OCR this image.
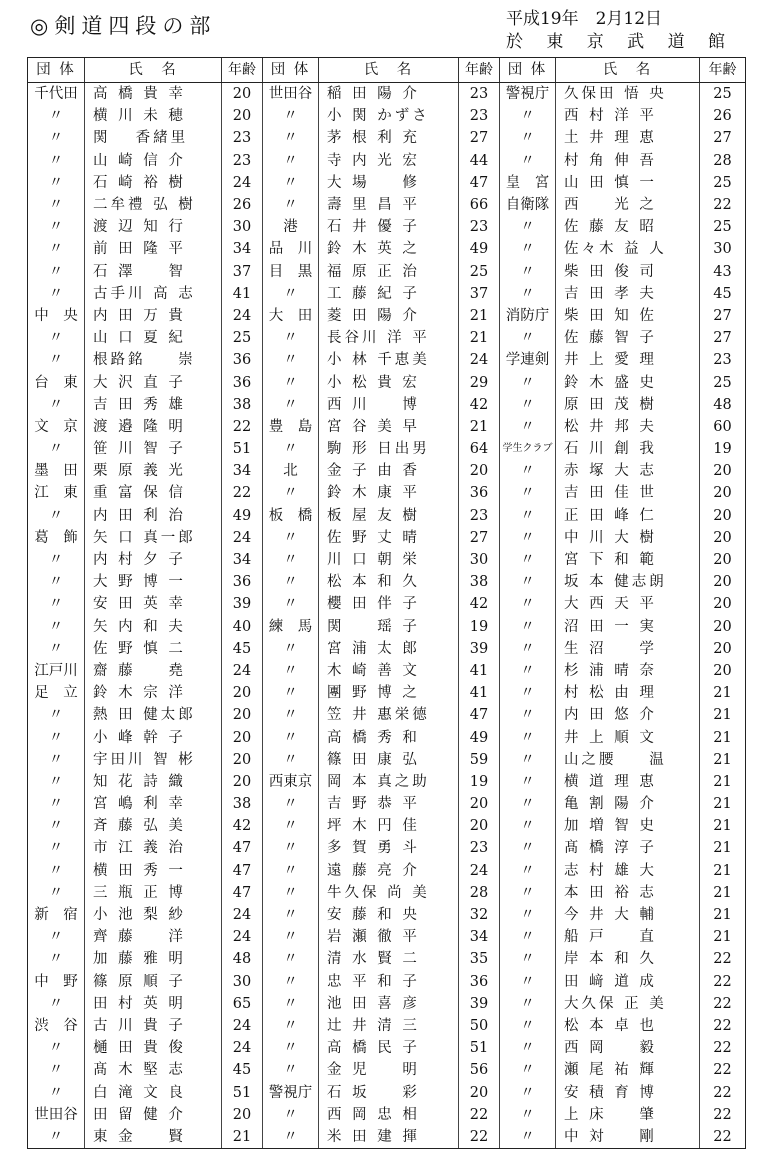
◎剣道四段の部	平成19年　2月12日
於 東 京 武 道 館
団 体	氏　名	年齢	団 体	氏　名	年齢	団 体	氏　名	年齢
千代田	高 橋 貴 幸	20	世田谷	稲 田 陽 介	23	警視庁	久保田 悟 央	25
〃	横 川 未 穂	20	〃	小 関 かずさ	23	〃	西 村 洋 平	26
〃	関 　香緒里	23	〃	茅 根 利 充	27	〃	土 井 理 恵	27
〃	山 崎 信 介	23	〃	寺 内 光 宏	44	〃	村 角 伸 吾	28
〃	石 崎 裕 樹	24	〃	大 場 　 修	47	皇　宮	山 田 慎 一	25
〃	二牟禮 弘 樹	26	〃	壽 里 昌 平	66	自衛隊	西 　 光 之	22
〃	渡 辺 知 行	30	港	石 井 優 子	23	〃	佐 藤 友 昭	25
〃	前 田 隆 平	34	品　川	鈴 木 英 之	49	〃	佐々木 益 人	30
〃	石 澤 　 智	37	目　黒	福 原 正 治	25	〃	柴 田 俊 司	43
〃	古手川 高 志	41	〃	工 藤 紀 子	37	〃	吉 田 孝 夫	45
中　央	内 田 万 貴	24	大　田	菱 田 陽 介	21	消防庁	柴 田 知 佐	27
〃	山 口 夏 紀	25	〃	長谷川 洋 平	21	〃	佐 藤 智 子	27
〃	根路銘 　 崇	36	〃	小 林 千恵美	24	学連剣	井 上 愛 理	23
台　東	大 沢 直 子	36	〃	小 松 貴 宏	29	〃	鈴 木 盛 史	25
〃	吉 田 秀 雄	38	〃	西 川 　 博	42	〃	原 田 茂 樹	48
文　京	渡 邉 隆 明	22	豊　島	宮 谷 美 早	21	〃	松 井 邦 夫	60
〃	笹 川 智 子	51	〃	駒 形 日出男	64	学生クラブ	石 川 創 我	19
墨　田	栗 原 義 光	34	北	金 子 由 香	20	〃	赤 塚 大 志	20
江　東	重 富 保 信	22	〃	鈴 木 康 平	36	〃	吉 田 佳 世	20
〃	内 田 利 治	49	板　橋	板 屋 友 樹	23	〃	正 田 峰 仁	20
葛　飾	矢 口 真一郎	24	〃	佐 野 丈 晴	27	〃	中 川 大 樹	20
〃	内 村 夕 子	34	〃	川 口 朝 栄	30	〃	宮 下 和 範	20
〃	大 野 博 一	36	〃	松 本 和 久	38	〃	坂 本 健志朗	20
〃	安 田 英 幸	39	〃	櫻 田 伴 子	42	〃	大 西 天 平	20
〃	矢 内 和 夫	40	練　馬	関 　 瑶 子	19	〃	沼 田 一 実	20
〃	佐 野 慎 二	45	〃	宮 浦 太 郎	39	〃	生 沼 　 学	20
江戸川	齋 藤 　 堯	24	〃	木 崎 善 文	41	〃	杉 浦 晴 奈	20
足　立	鈴 木 宗 洋	20	〃	團 野 博 之	41	〃	村 松 由 理	21
〃	熱 田 健太郎	20	〃	笠 井 惠栄德	47	〃	内 田 悠 介	21
〃	小 峰 幹 子	20	〃	高 橋 秀 和	49	〃	井 上 順 文	21
〃	宇田川 智 彬	20	〃	篠 田 康 弘	59	〃	山之腰 　 温	21
〃	知 花 詩 織	20	西東京	岡 本 真之助	19	〃	横 道 理 恵	21
〃	宮 嶋 利 幸	38	〃	吉 野 恭 平	20	〃	亀 割 陽 介	21
〃	斉 藤 弘 美	42	〃	坪 木 円 佳	20	〃	加 増 智 史	21
〃	市 江 義 治	47	〃	多 賀 勇 斗	23	〃	髙 橋 淳 子	21
〃	横 田 秀 一	47	〃	遠 藤 亮 介	24	〃	志 村 雄 大	21
〃	三 瓶 正 博	47	〃	牛久保 尚 美	28	〃	本 田 裕 志	21
新　宿	小 池 梨 紗	24	〃	安 藤 和 央	32	〃	今 井 大 輔	21
〃	齊 藤 　 洋	24	〃	岩 瀬 徹 平	34	〃	船 戸 　 直	21
〃	加 藤 雅 明	48	〃	清 水 賢 二	35	〃	岸 本 和 久	22
中　野	篠 原 順 子	30	〃	忠 平 和 子	36	〃	田 﨑 道 成	22
〃	田 村 英 明	65	〃	池 田 喜 彦	39	〃	大久保 正 美	22
渋　谷	古 川 貴 子	24	〃	辻 井 清 三	50	〃	松 本 卓 也	22
〃	樋 田 貴 俊	24	〃	高 橋 民 子	51	〃	西 岡 　 毅	22
〃	髙 木 堅 志	45	〃	金 児 　 明	56	〃	瀬 尾 祐 輝	22
〃	白 滝 文 良	51	警視庁	石 坂 　 彩	20	〃	安 積 育 博	22
世田谷	田 留 健 介	20	〃	西 岡 忠 相	22	〃	上 床 　 肇	22
〃	東 金 　 賢	21	〃	米 田 建 揮	22	〃	中 対 　 剛	22
